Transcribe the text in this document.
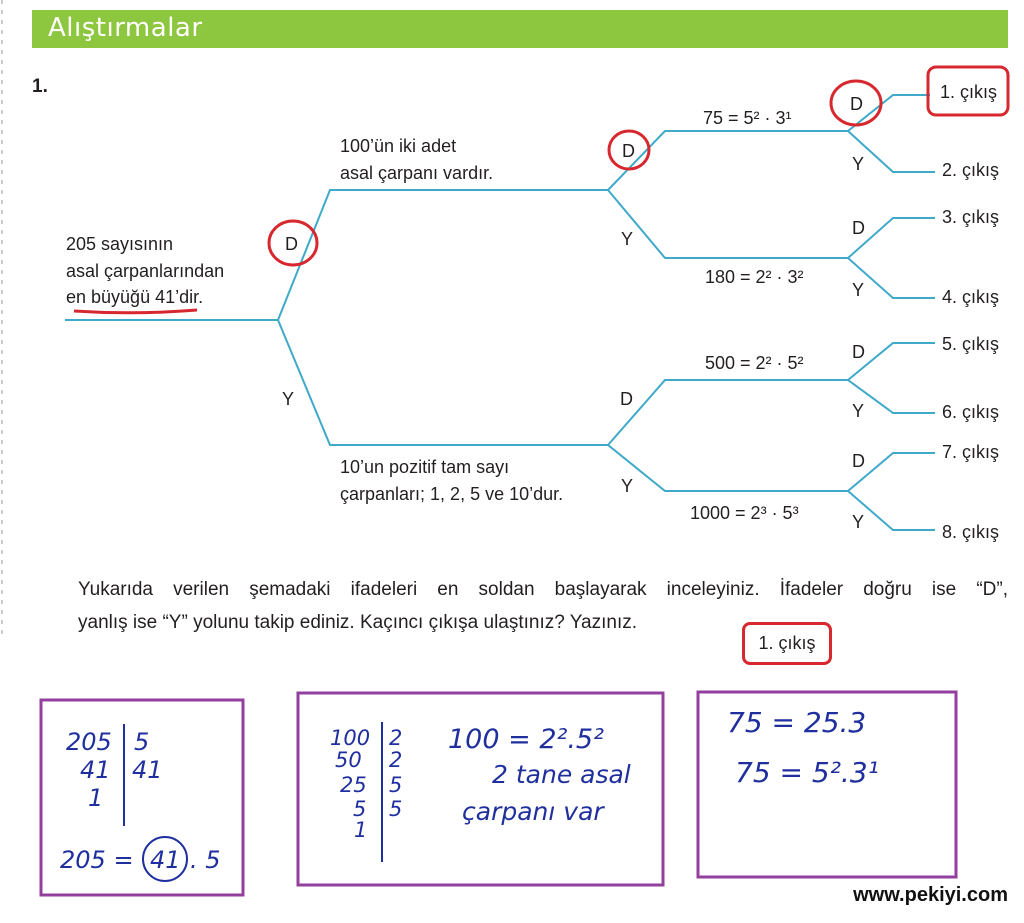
Alıştırmalar
1.
205 sayısının
asal çarpanlarından
en büyüğü 41’dir.
100’ün iki adet
asal çarpanı vardır.
10’un pozitif tam sayı
çarpanları; 1, 2, 5 ve 10’dur.
75 = 5² · 3¹
180 = 2² · 3²
500 = 2² · 5²
1000 = 2³ · 5³
D
Y
D
Y
D
Y
D
Y
D
Y
D
Y
D
Y
1. çıkış
2. çıkış
3. çıkış
4. çıkış
5. çıkış
6. çıkış
7. çıkış
8. çıkış
205
41
1
5
41
205 = 41 . 5
100
50
25
5
1
2
2
5
5
100 = 2².5²
2 tane asal
çarpanı var
75 = 25.3
75 = 5².3¹
Yukarıda verilen şemadaki ifadeleri en soldan başlayarak inceleyiniz. İfadeler doğru ise “D”,
yanlış ise “Y” yolunu takip ediniz. Kaçıncı çıkışa ulaştınız? Yazınız.
1. çıkış
www.pekiyi.com
